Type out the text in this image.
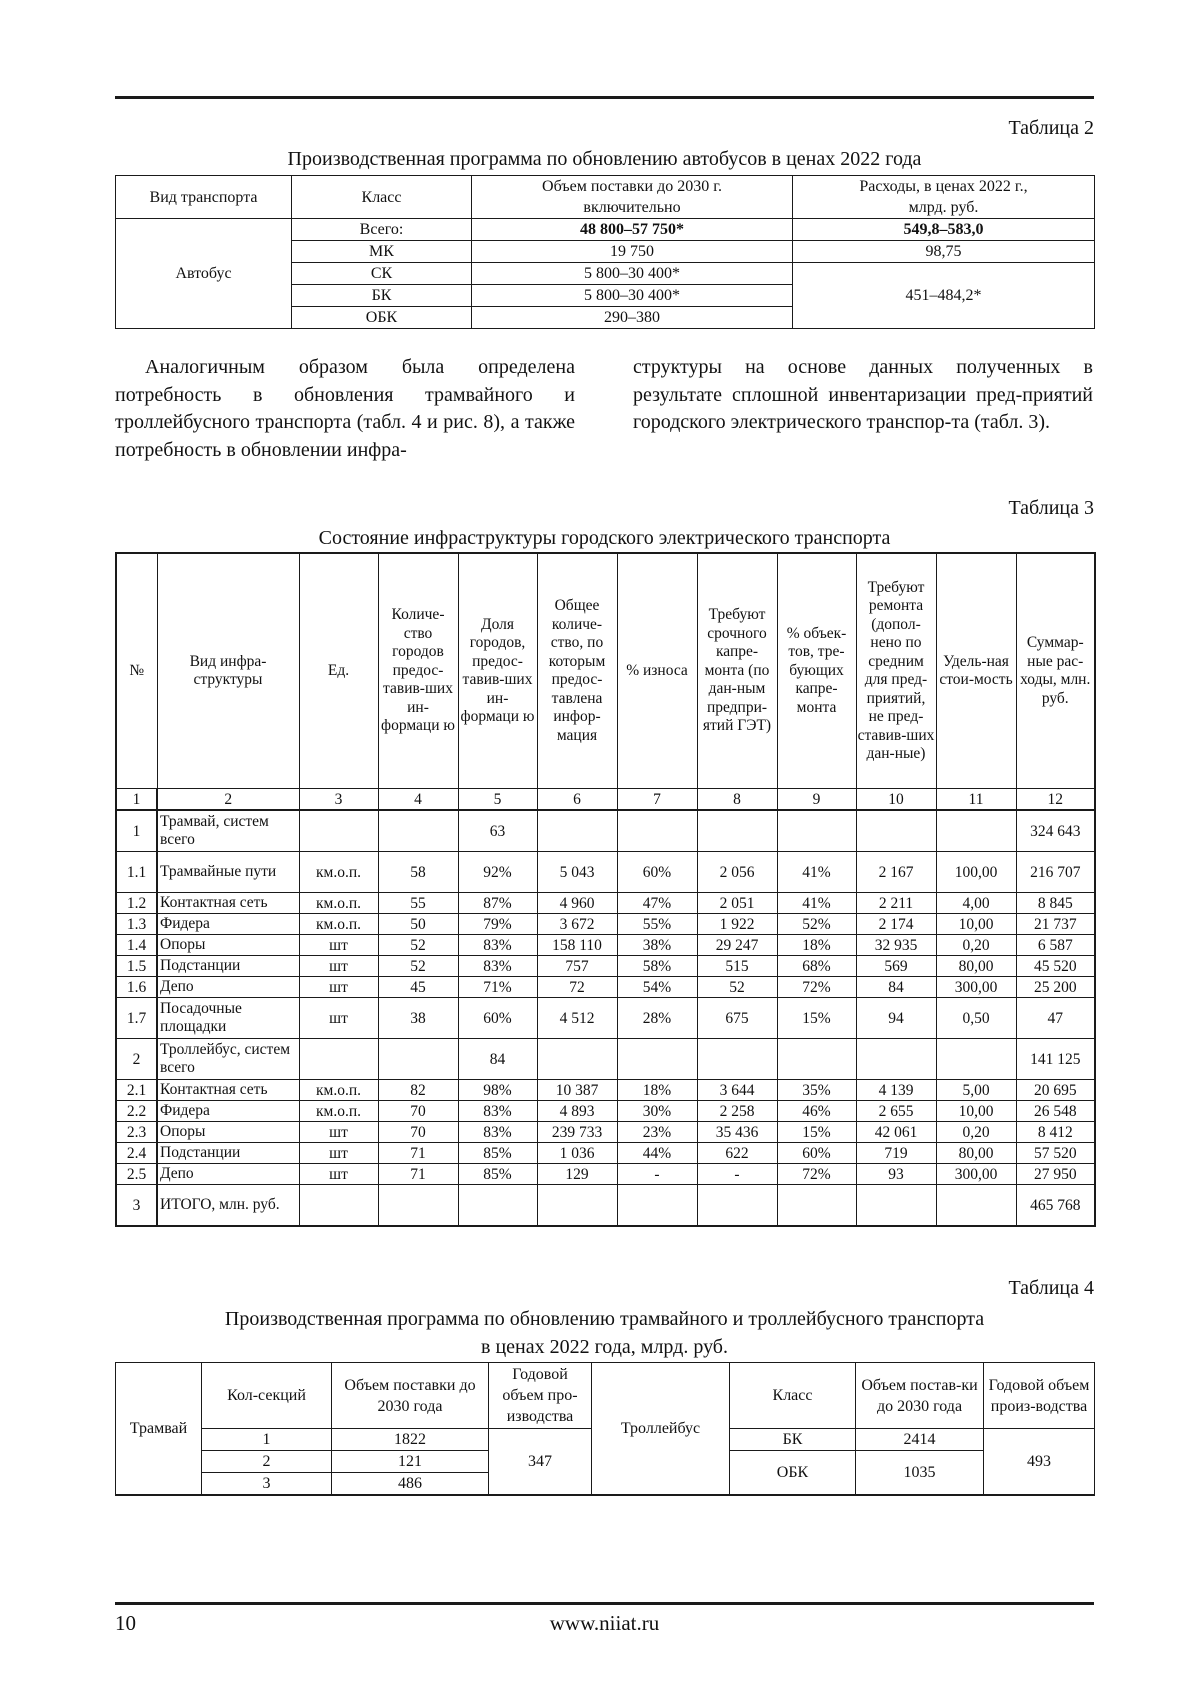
Таблица 2
Производственная программа по обновлению автобусов в ценах 2022 года
Вид транспорта	Класс	Объем поставки до 2030 г. включительно	Расходы, в ценах 2022 г., млрд. руб.
Автобус	Всего:	48 800–57 750*	549,8–583,0
	МК	19 750	98,75
	СК	5 800–30 400*	451–484,2*
	БК	5 800–30 400*	
	ОБК	290–380	
Аналогичным образом была определена потребность в обновления трамвайного и троллейбусного транспорта (табл. 4 и рис. 8), а также потребность в обновлении инфра-
структуры на основе данных полученных в результате сплошной инвентаризации пред-приятий городского электрического транспор-та (табл. 3).
Таблица 3
Состояние инфраструктуры городского электрического транспорта
№	Вид инфра-структуры	Ед.	Количе-ство городов предос-тавив-ших ин-формаци ю	Доля городов, предос-тавив-ших ин-формаци ю	Общее количе-ство, по которым предос-тавлена инфор-мация	% износа	Требуют срочного капре-монта (по дан-ным предпри-ятий ГЭТ)	% объек-тов, тре-бующих капре-монта	Требуют ремонта (допол-нено по средним для пред-приятий, не пред-ставив-ших дан-ные)	Удель-ная стои-мость	Суммар-ные рас-ходы, млн. руб.
1	2	3	4	5	6	7	8	9	10	11	12
1	Трамвай, систем всего			63							324 643
1.1	Трамвайные пути	км.о.п.	58	92%	5 043	60%	2 056	41%	2 167	100,00	216 707
1.2	Контактная сеть	км.о.п.	55	87%	4 960	47%	2 051	41%	2 211	4,00	8 845
1.3	Фидера	км.о.п.	50	79%	3 672	55%	1 922	52%	2 174	10,00	21 737
1.4	Опоры	шт	52	83%	158 110	38%	29 247	18%	32 935	0,20	6 587
1.5	Подстанции	шт	52	83%	757	58%	515	68%	569	80,00	45 520
1.6	Депо	шт	45	71%	72	54%	52	72%	84	300,00	25 200
1.7	Посадочные площадки	шт	38	60%	4 512	28%	675	15%	94	0,50	47
2	Троллейбус, систем всего			84							141 125
2.1	Контактная сеть	км.о.п.	82	98%	10 387	18%	3 644	35%	4 139	5,00	20 695
2.2	Фидера	км.о.п.	70	83%	4 893	30%	2 258	46%	2 655	10,00	26 548
2.3	Опоры	шт	70	83%	239 733	23%	35 436	15%	42 061	0,20	8 412
2.4	Подстанции	шт	71	85%	1 036	44%	622	60%	719	80,00	57 520
2.5	Депо	шт	71	85%	129	-	-	72%	93	300,00	27 950
3	ИТОГО, млн. руб.										465 768
Таблица 4
Производственная программа по обновлению трамвайного и троллейбусного транспорта
в ценах 2022 года, млрд. руб.
Трамвай	Кол-секций	Объем поставки до 2030 года	Годовой объем про-изводства	Троллейбус	Класс	Объем постав-ки до 2030 года	Годовой объем произ-водства
	1	1822	347		БК	2414	493
	2	121			ОБК	1035	
	3	486					
10	www.niiat.ru
